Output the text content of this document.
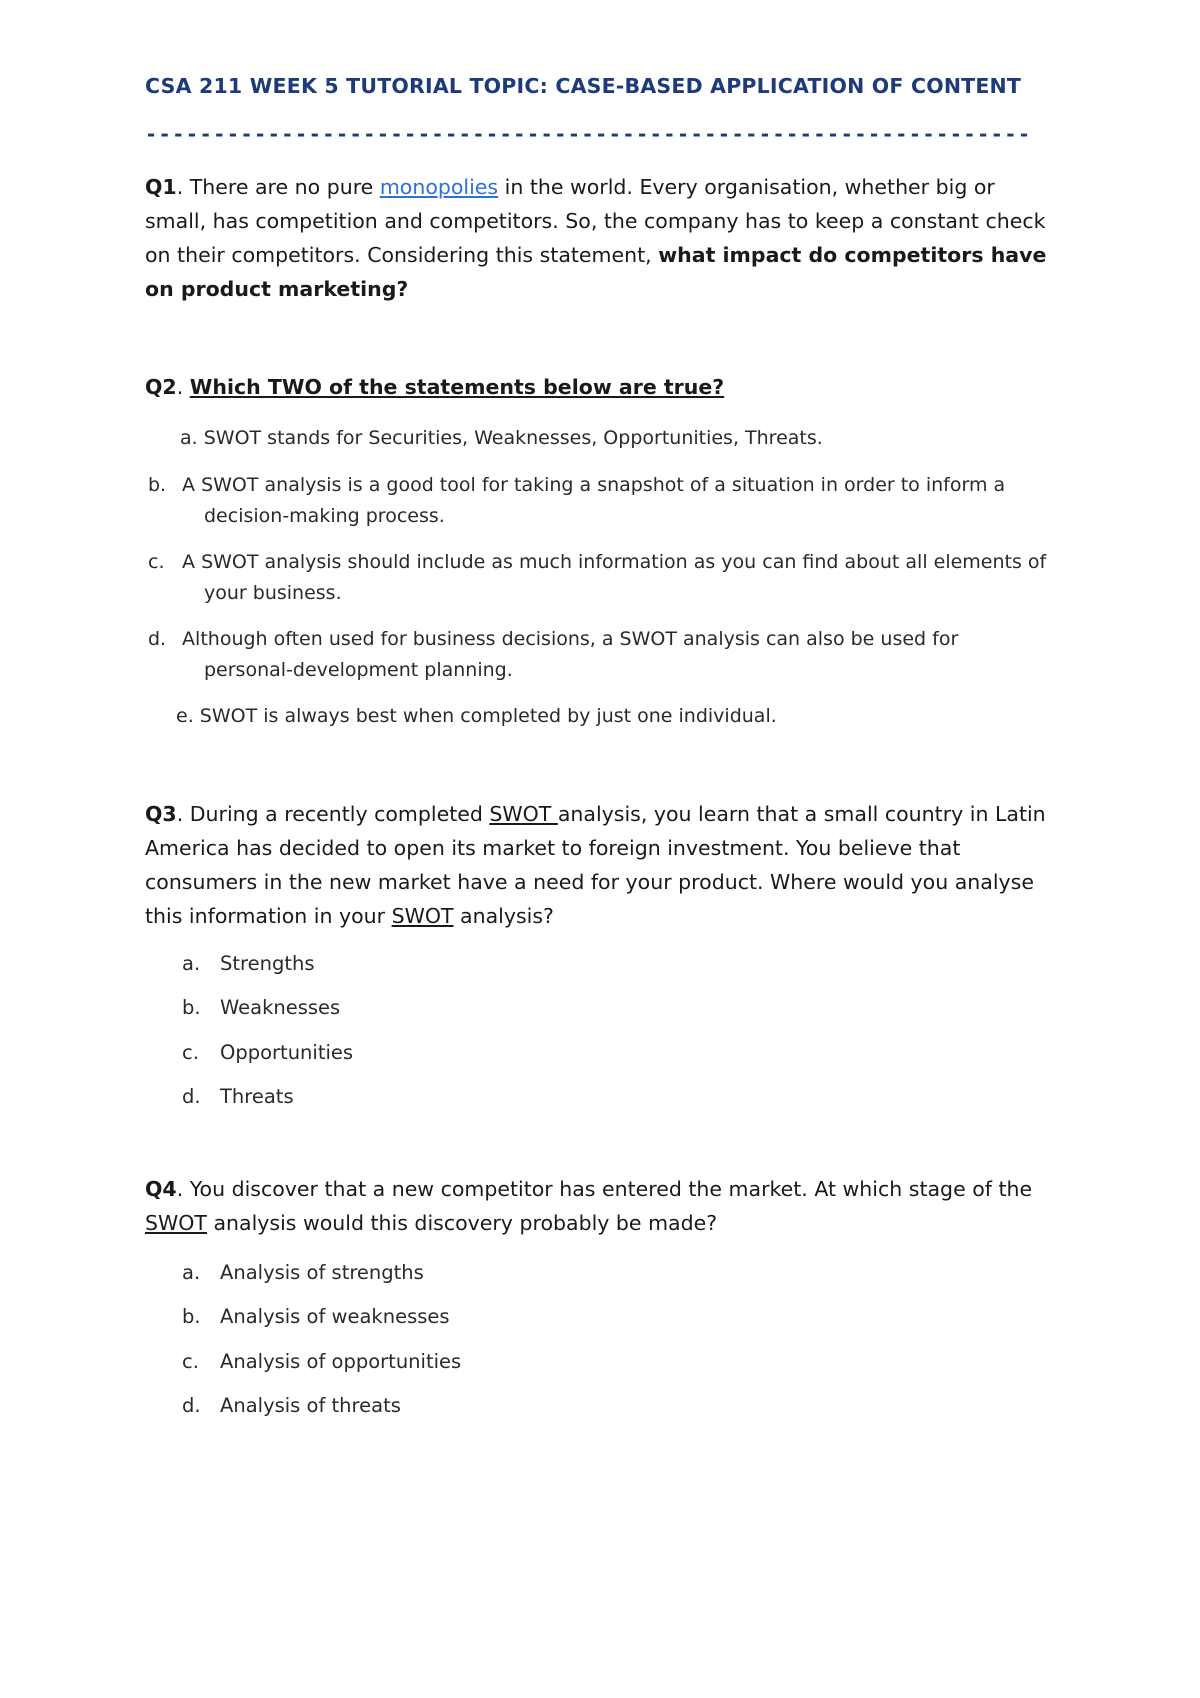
CSA 211 WEEK 5 TUTORIAL TOPIC: CASE-BASED APPLICATION OF CONTENT
-----------------------------------------------------------------
Q1. There are no pure monopolies in the world. Every organisation, whether big or small, has competition and competitors. So, the company has to keep a constant check on their competitors. Considering this statement, what impact do competitors have on product marketing?
Q2. Which TWO of the statements below are true?
a. SWOT stands for Securities, Weaknesses, Opportunities, Threats.
b. A SWOT analysis is a good tool for taking a snapshot of a situation in order to inform a decision-making process.
c. A SWOT analysis should include as much information as you can find about all elements of your business.
d. Although often used for business decisions, a SWOT analysis can also be used for personal-development planning.
e. SWOT is always best when completed by just one individual.
Q3. During a recently completed SWOT analysis, you learn that a small country in Latin America has decided to open its market to foreign investment. You believe that consumers in the new market have a need for your product. Where would you analyse this information in your SWOT analysis?
a. Strengths
b. Weaknesses
c. Opportunities
d. Threats
Q4. You discover that a new competitor has entered the market. At which stage of the SWOT analysis would this discovery probably be made?
a. Analysis of strengths
b. Analysis of weaknesses
c. Analysis of opportunities
d. Analysis of threats
